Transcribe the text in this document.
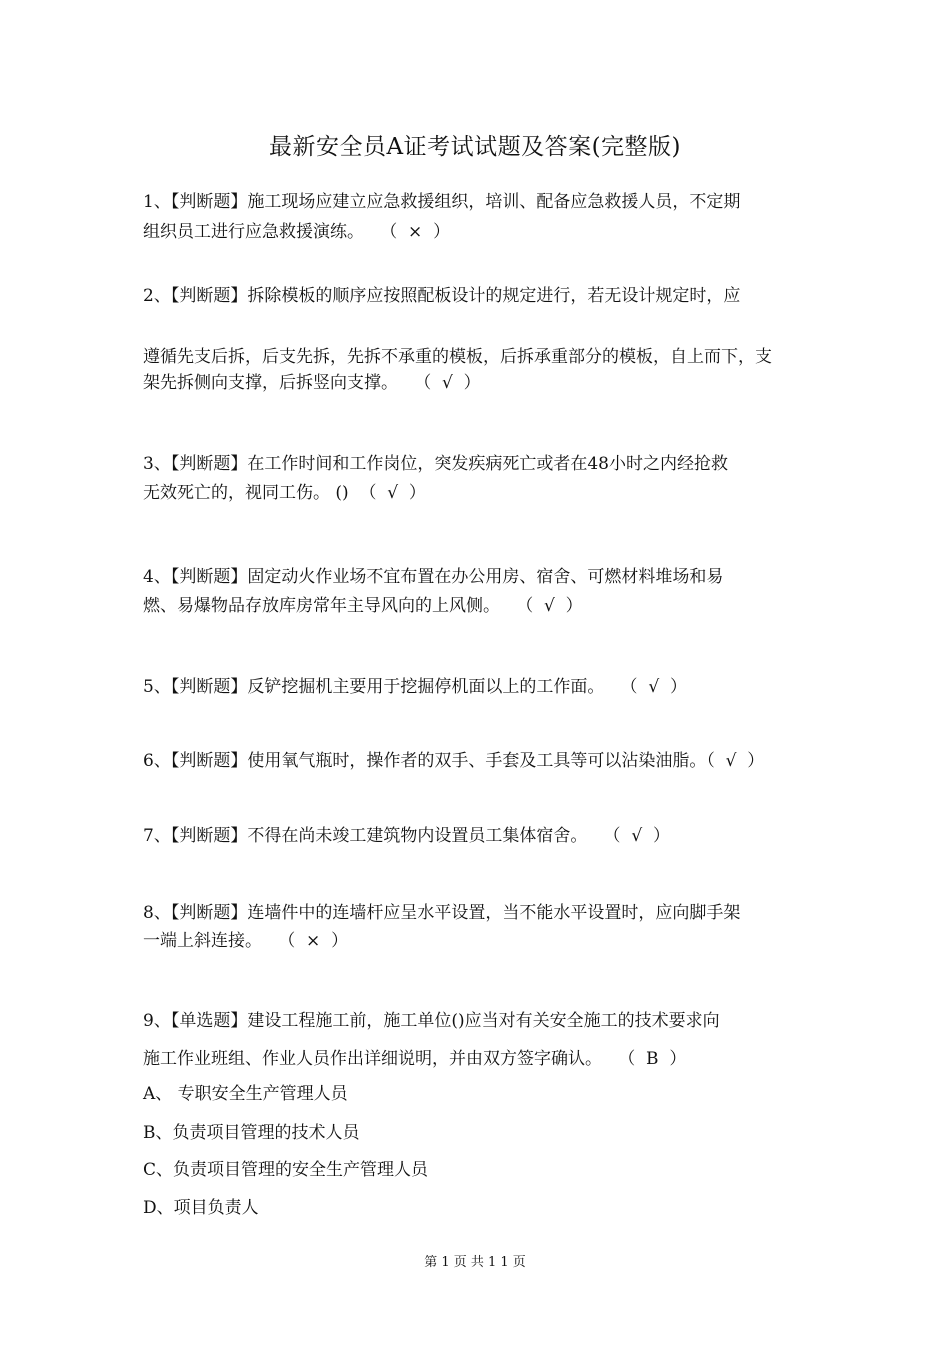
最新安全员A证考试试题及答案(完整版)
1、【判断题】施工现场应建立应急救援组织，培训、配备应急救援人员，不定期
组织员工进行应急救援演练。   （  ×  ）
2、【判断题】拆除模板的顺序应按照配板设计的规定进行，若无设计规定时，应
遵循先支后拆，后支先拆，先拆不承重的模板，后拆承重部分的模板，自上而下，支
架先拆侧向支撑，后拆竖向支撑。   （  √  ）
3、【判断题】在工作时间和工作岗位，突发疾病死亡或者在48小时之内经抢救
无效死亡的，视同工伤。 ()  （  √  ）
4、【判断题】固定动火作业场不宜布置在办公用房、宿舍、可燃材料堆场和易
燃、易爆物品存放库房常年主导风向的上风侧。   （  √  ）
5、【判断题】反铲挖掘机主要用于挖掘停机面以上的工作面。   （  √  ）
6、【判断题】使用氧气瓶时，操作者的双手、手套及工具等可以沾染油脂。（  √  ）
7、【判断题】不得在尚未竣工建筑物内设置员工集体宿舍。   （  √  ）
8、【判断题】连墙件中的连墙杆应呈水平设置，当不能水平设置时，应向脚手架
一端上斜连接。   （  ×  ）
9、【单选题】建设工程施工前，施工单位()应当对有关安全施工的技术要求向
施工作业班组、作业人员作出详细说明，并由双方签字确认。   （  B  ）
A、 专职安全生产管理人员
B、负责项目管理的技术人员
C、负责项目管理的安全生产管理人员
D、项目负责人
第 1 页 共 1 1 页
